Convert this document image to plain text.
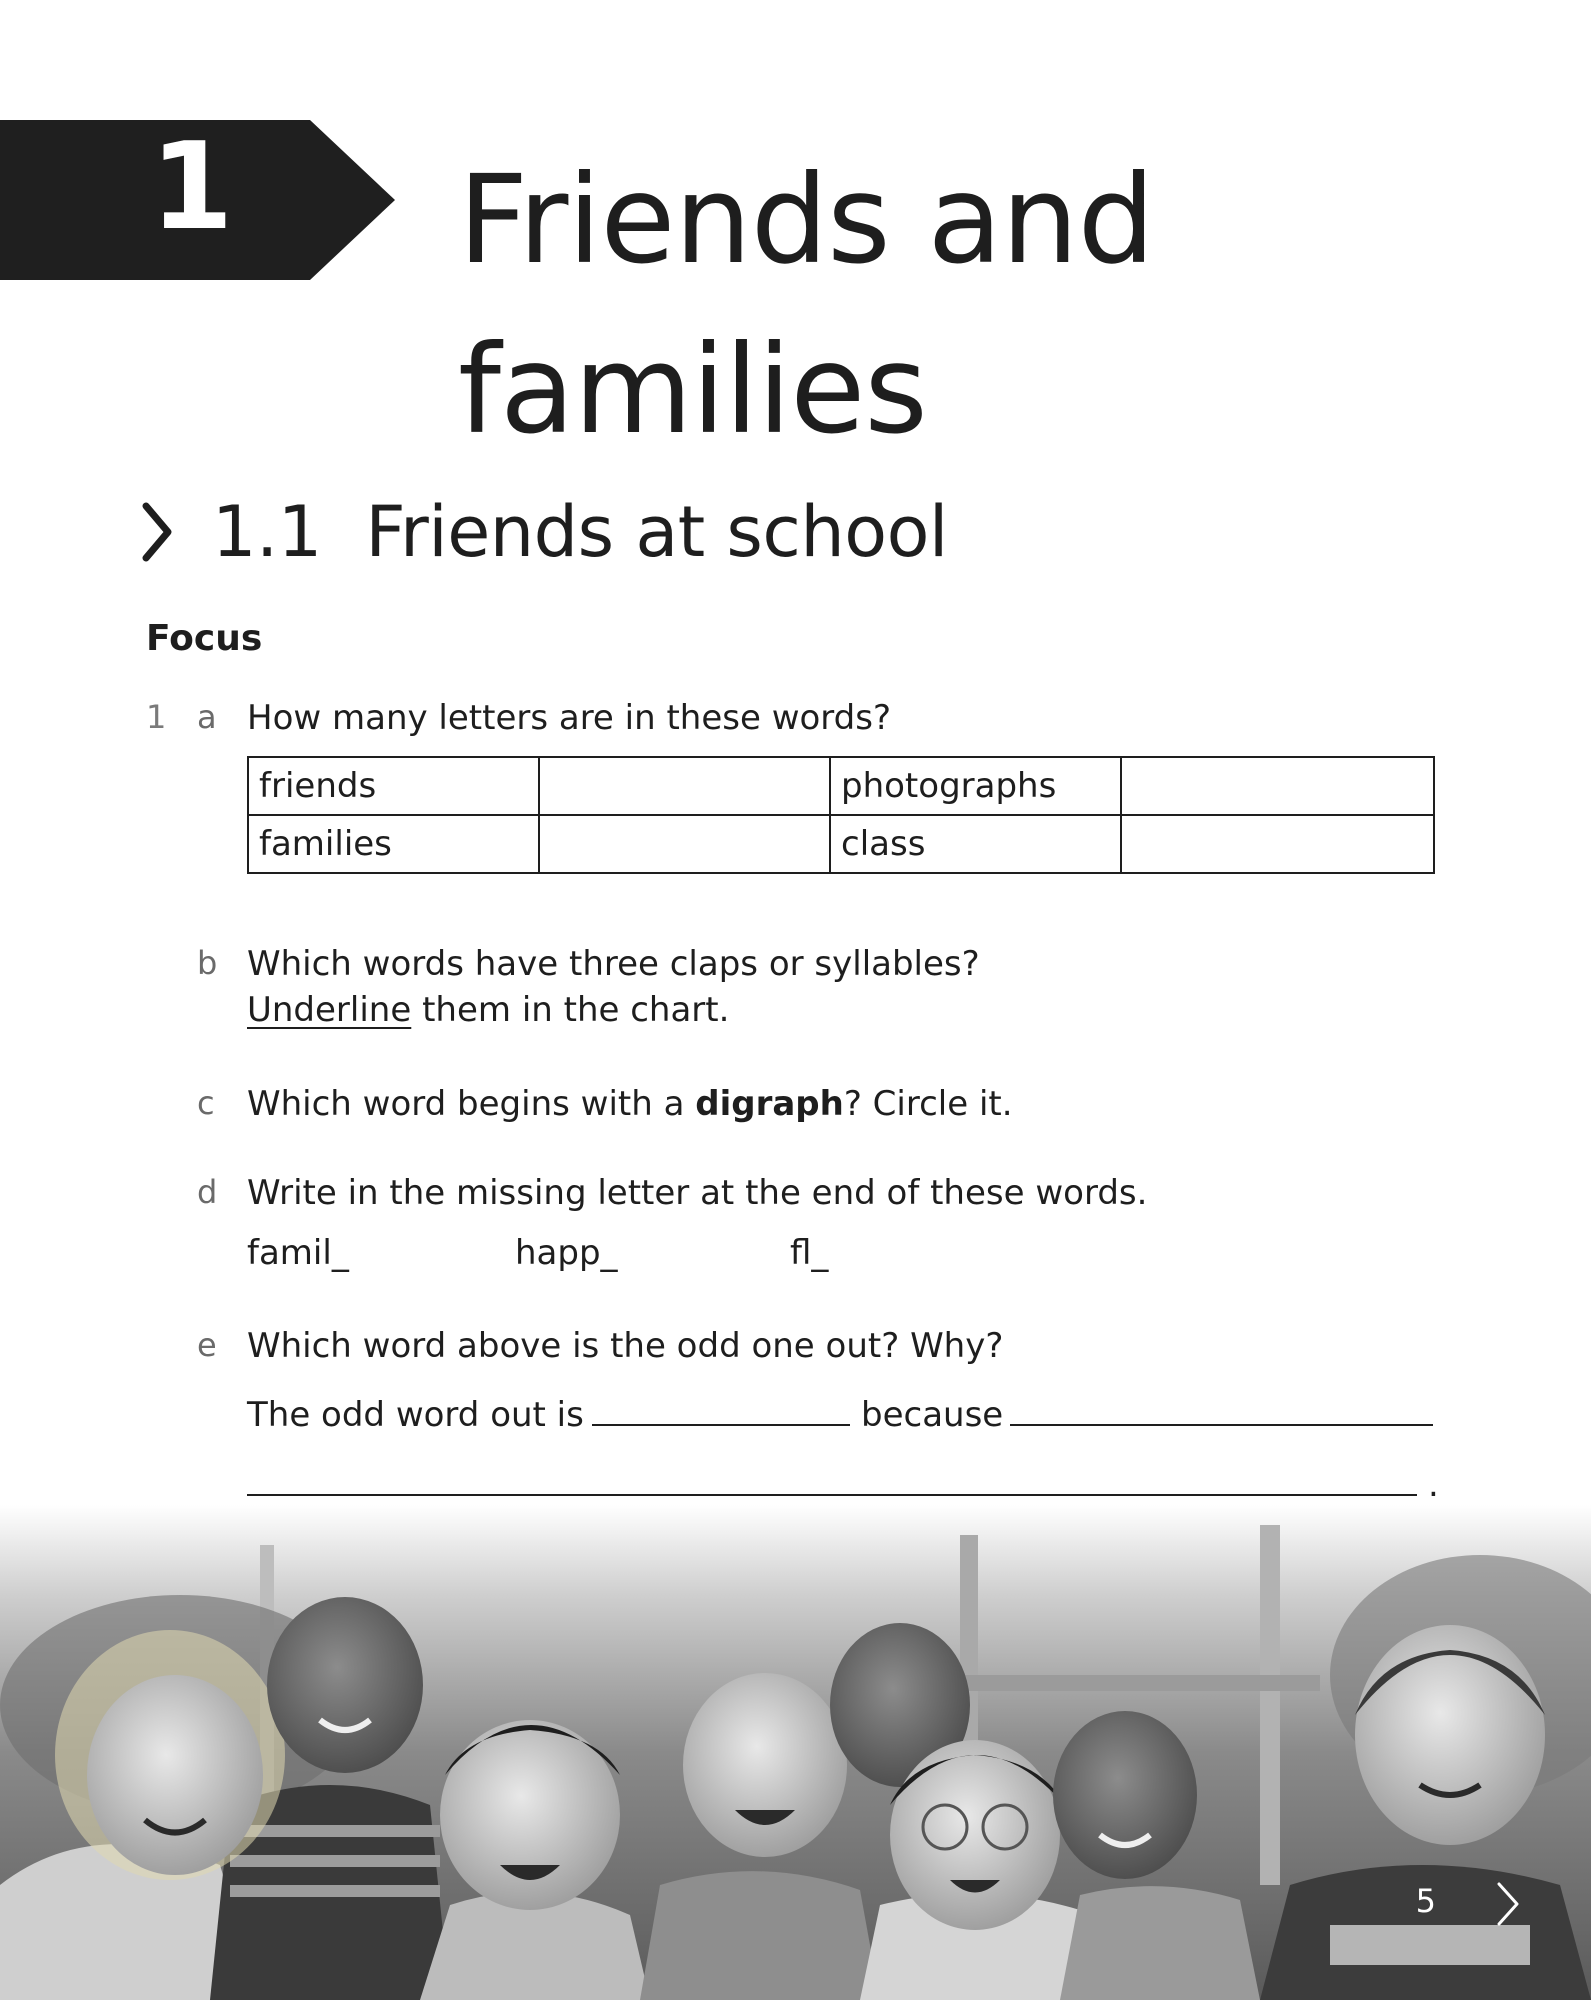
1 Friends and families
1.1 Friends at school
Focus
1 a How many letters are in these words?
friends		photographs	
families		class	
b Which words have three claps or syllables?
Underline them in the chart.
c Which word begins with a digraph? Circle it.
d Write in the missing letter at the end of these words.
famil_	happ_	fl_
e Which word above is the odd one out? Why?
The odd word out is	because
.
5
